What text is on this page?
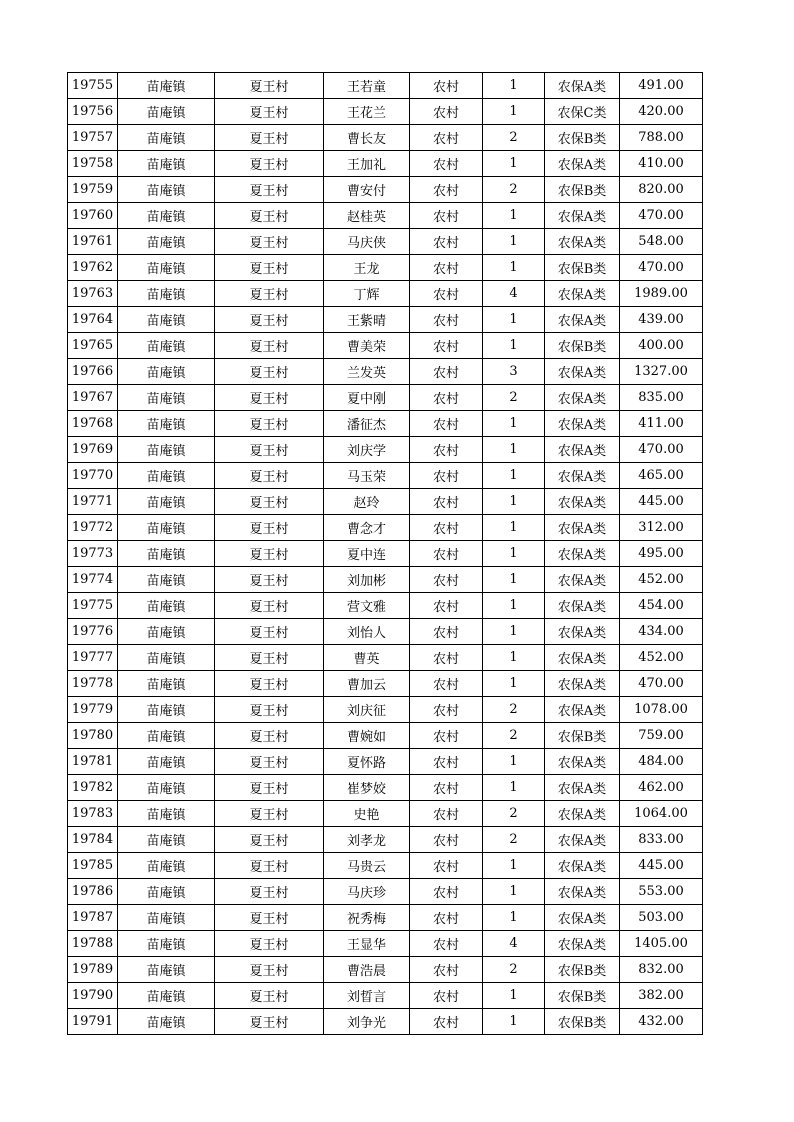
19755	苗庵镇	夏王村	王若童	农村	1	农保A类	491.00
19756	苗庵镇	夏王村	王花兰	农村	1	农保C类	420.00
19757	苗庵镇	夏王村	曹长友	农村	2	农保B类	788.00
19758	苗庵镇	夏王村	王加礼	农村	1	农保A类	410.00
19759	苗庵镇	夏王村	曹安付	农村	2	农保B类	820.00
19760	苗庵镇	夏王村	赵桂英	农村	1	农保A类	470.00
19761	苗庵镇	夏王村	马庆侠	农村	1	农保A类	548.00
19762	苗庵镇	夏王村	王龙	农村	1	农保B类	470.00
19763	苗庵镇	夏王村	丁辉	农村	4	农保A类	1989.00
19764	苗庵镇	夏王村	王紫晴	农村	1	农保A类	439.00
19765	苗庵镇	夏王村	曹美荣	农村	1	农保B类	400.00
19766	苗庵镇	夏王村	兰发英	农村	3	农保A类	1327.00
19767	苗庵镇	夏王村	夏中刚	农村	2	农保A类	835.00
19768	苗庵镇	夏王村	潘征杰	农村	1	农保A类	411.00
19769	苗庵镇	夏王村	刘庆学	农村	1	农保A类	470.00
19770	苗庵镇	夏王村	马玉荣	农村	1	农保A类	465.00
19771	苗庵镇	夏王村	赵玲	农村	1	农保A类	445.00
19772	苗庵镇	夏王村	曹念才	农村	1	农保A类	312.00
19773	苗庵镇	夏王村	夏中连	农村	1	农保A类	495.00
19774	苗庵镇	夏王村	刘加彬	农村	1	农保A类	452.00
19775	苗庵镇	夏王村	营文雅	农村	1	农保A类	454.00
19776	苗庵镇	夏王村	刘怡人	农村	1	农保A类	434.00
19777	苗庵镇	夏王村	曹英	农村	1	农保A类	452.00
19778	苗庵镇	夏王村	曹加云	农村	1	农保A类	470.00
19779	苗庵镇	夏王村	刘庆征	农村	2	农保A类	1078.00
19780	苗庵镇	夏王村	曹婉如	农村	2	农保B类	759.00
19781	苗庵镇	夏王村	夏怀路	农村	1	农保A类	484.00
19782	苗庵镇	夏王村	崔梦姣	农村	1	农保A类	462.00
19783	苗庵镇	夏王村	史艳	农村	2	农保A类	1064.00
19784	苗庵镇	夏王村	刘孝龙	农村	2	农保A类	833.00
19785	苗庵镇	夏王村	马贵云	农村	1	农保A类	445.00
19786	苗庵镇	夏王村	马庆珍	农村	1	农保A类	553.00
19787	苗庵镇	夏王村	祝秀梅	农村	1	农保A类	503.00
19788	苗庵镇	夏王村	王显华	农村	4	农保A类	1405.00
19789	苗庵镇	夏王村	曹浩晨	农村	2	农保B类	832.00
19790	苗庵镇	夏王村	刘晢言	农村	1	农保B类	382.00
19791	苗庵镇	夏王村	刘争光	农村	1	农保B类	432.00
